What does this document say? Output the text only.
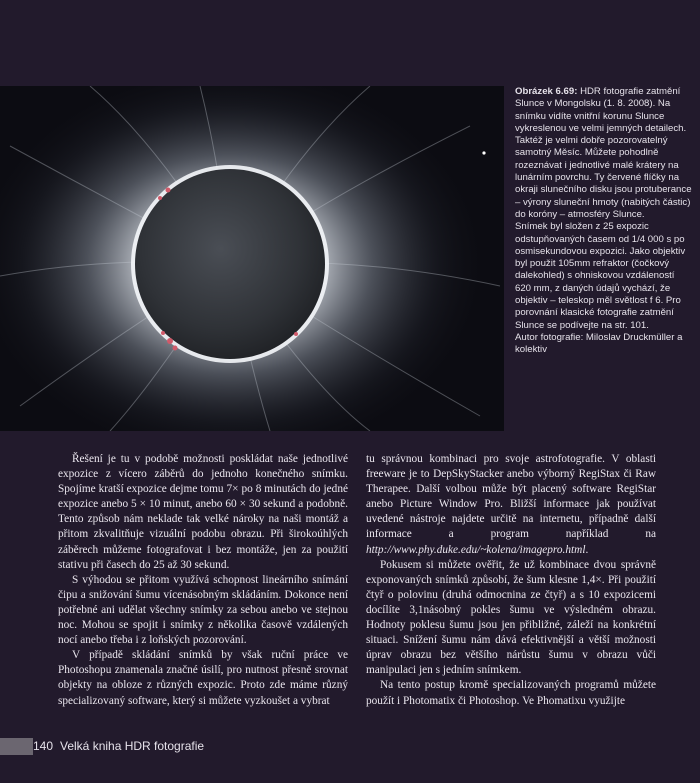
Obrázek 6.69: HDR fotografie zatmění Slunce v Mongolsku (1. 8. 2008). Na snímku vidíte vnitřní korunu Slunce vykreslenou ve velmi jemných detailech. Taktéž je velmi dobře pozorovatelný samotný Měsíc. Můžete pohodlně rozeznávat i jednotlivé malé krátery na lunárním povrchu. Ty červené flíčky na okraji slunečního disku jsou protuberance – výrony sluneční hmoty (nabitých částic) do koróny – atmosféry Slunce.

Snímek byl složen z 25 expozic odstupňovaných časem od 1/4 000 s po osmisekundovou expozici. Jako objektiv byl použit 105mm refraktor (čočkový dalekohled) s ohniskovou vzdáleností 620 mm, z daných údajů vychází, že objektiv – teleskop měl světlost f 6. Pro porovnání klasické fotografie zatmění Slunce se podívejte na str. 101.

Autor fotografie: Miloslav Druckmüller a kolektiv

Řešení je tu v podobě možnosti poskládat naše jednotlivé expozice z vícero záběrů do jednoho konečného snímku. Spojíme kratší expozice dejme tomu 7× po 8 minutách do jedné expozice anebo 5 × 10 minut, anebo 60 × 30 sekund a podobně. Tento způsob nám neklade tak velké nároky na naši montáž a přitom zkvalitňuje vizuální podobu obrazu. Při širokoúhlých záběrech můžeme fotografovat i bez montáže, jen za použití stativu při časech do 25 až 30 sekund.

S výhodou se přitom využívá schopnost lineárního snímání čipu a snižování šumu vícenásobným skládáním. Dokonce není potřebné ani udělat všechny snímky za sebou anebo ve stejnou noc. Mohou se spojit i snímky z několika časově vzdálených nocí anebo třeba i z loňských pozorování.

V případě skládání snímků by však ruční práce ve Photoshopu znamenala značné úsilí, pro nutnost přesně srovnat objekty na obloze z různých expozic. Proto zde máme různý specializovaný software, který si můžete vyzkoušet a vybrat

tu správnou kombinaci pro svoje astrofotografie. V oblasti freeware je to DepSkyStacker anebo výborný RegiStax či Raw Therapee. Další volbou může být placený software RegiStar anebo Picture Window Pro. Bližší informace jak používat uvedené nástroje najdete určitě na internetu, případně další informace a program například na http://www.phy.duke.edu/~kolena/imagepro.html.

Pokusem si můžete ověřit, že už kombinace dvou správně exponovaných snímků způsobí, že šum klesne 1,4×. Při použití čtyř o polovinu (druhá odmocnina ze čtyř) a s 10 expozicemi docílíte 3,1násobný pokles šumu ve výsledném obrazu. Hodnoty poklesu šumu jsou jen přibližné, záleží na konkrétní situaci. Snížení šumu nám dává efektivnější a větší možnosti úprav obrazu bez většího nárůstu šumu v obrazu vůči manipulaci jen s jedním snímkem.

Na tento postup kromě specializovaných programů můžete použít i Photomatix či Photoshop. Ve Phomatixu využijte

140 Velká kniha HDR fotografie
